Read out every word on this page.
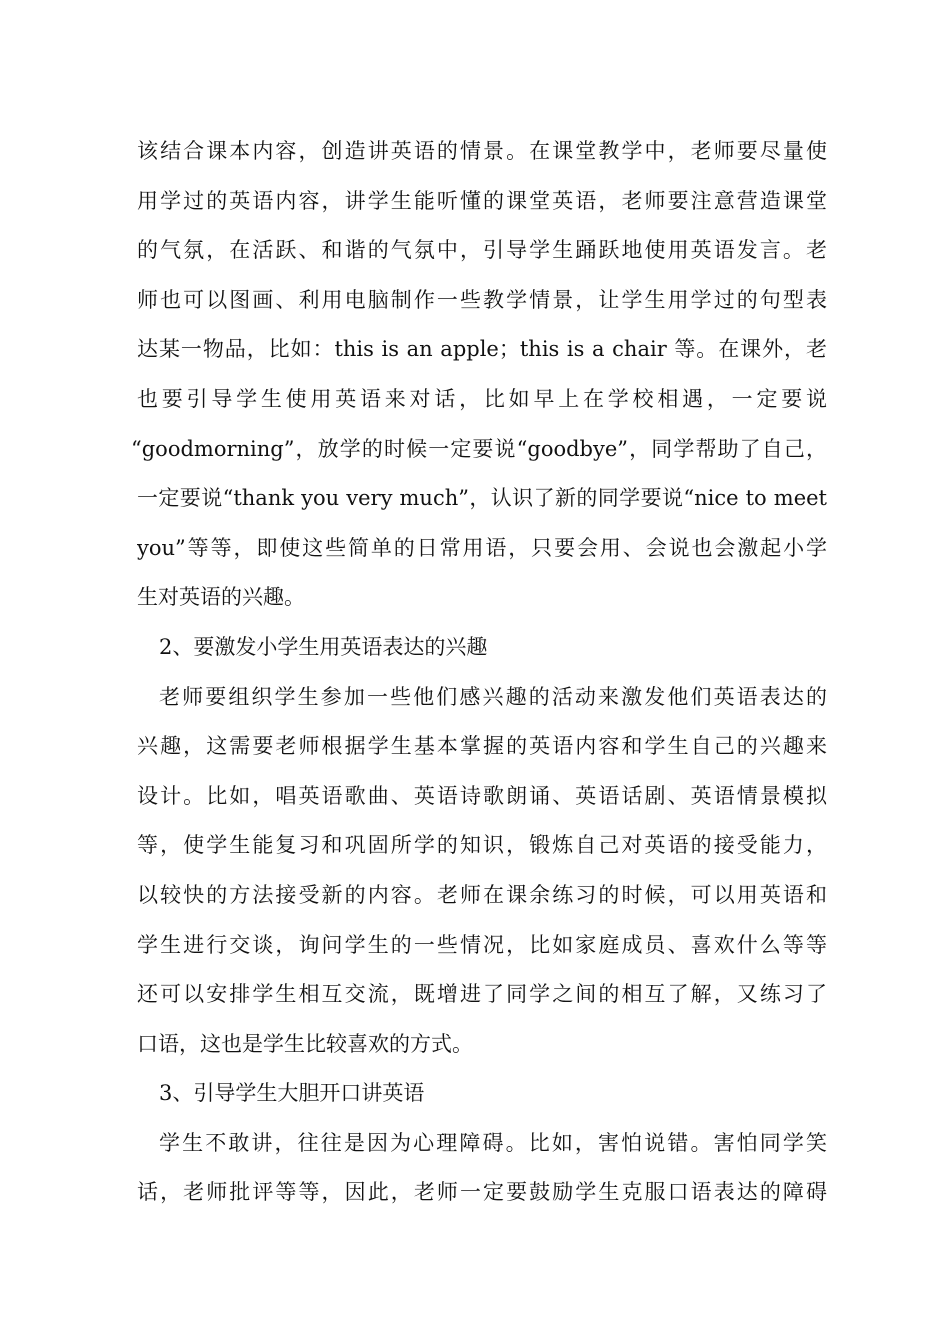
该结合课本内容，创造讲英语的情景。在课堂教学中，老师要尽量使
用学过的英语内容，讲学生能听懂的课堂英语，老师要注意营造课堂
的气氛，在活跃、和谐的气氛中，引导学生踊跃地使用英语发言。老
师也可以图画、利用电脑制作一些教学情景，让学生用学过的句型表
达某一物品，比如：this is an apple；this is a chair 等。在课外，老
也要引导学生使用英语来对话，比如早上在学校相遇，一定要说
“goodmorning”，放学的时候一定要说“goodbye”，同学帮助了自己，
一定要说“thank you very much”，认识了新的同学要说“nice to meet
you”等等，即使这些简单的日常用语，只要会用、会说也会激起小学
生对英语的兴趣。
2、要激发小学生用英语表达的兴趣
老师要组织学生参加一些他们感兴趣的活动来激发他们英语表达的
兴趣，这需要老师根据学生基本掌握的英语内容和学生自己的兴趣来
设计。比如，唱英语歌曲、英语诗歌朗诵、英语话剧、英语情景模拟
等，使学生能复习和巩固所学的知识，锻炼自己对英语的接受能力，
以较快的方法接受新的内容。老师在课余练习的时候，可以用英语和
学生进行交谈，询问学生的一些情况，比如家庭成员、喜欢什么等等
还可以安排学生相互交流，既增进了同学之间的相互了解，又练习了
口语，这也是学生比较喜欢的方式。
3、引导学生大胆开口讲英语
学生不敢讲，往往是因为心理障碍。比如，害怕说错。害怕同学笑
话，老师批评等等，因此，老师一定要鼓励学生克服口语表达的障碍
